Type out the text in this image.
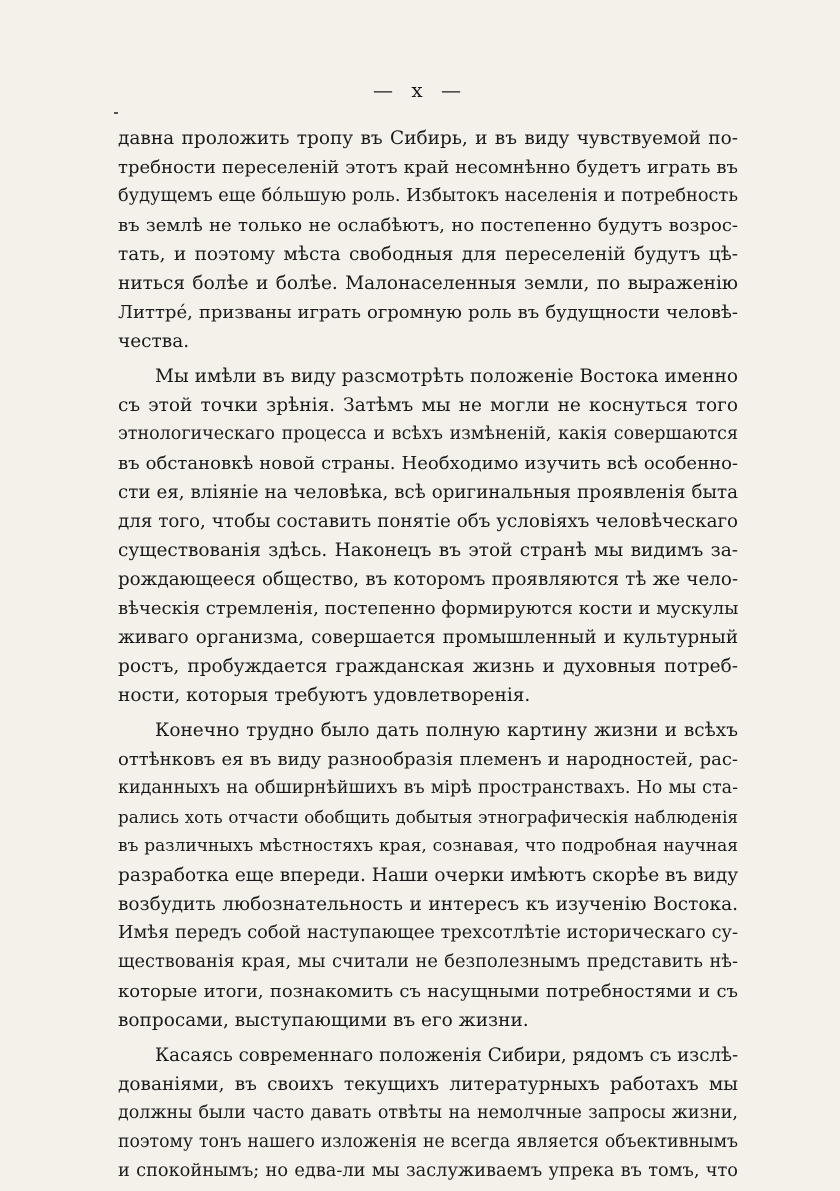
— x —
давна проложить тропу въ Сибирь, и въ виду чувствуемой по-
требности переселеній этотъ край несомнѣнно будетъ играть въ
будущемъ еще бо́льшую роль. Избытокъ населенія и потребность
въ землѣ не только не ослабѣютъ, но постепенно будутъ возрос-
тать, и поэтому мѣста свободныя для переселеній будутъ цѣ-
ниться болѣе и болѣе. Малонаселенныя земли, по выраженію
Литтре́, призваны играть огромную роль въ будущности человѣ-
чества.
Мы имѣли въ виду разсмотрѣть положеніе Востока именно
съ этой точки зрѣнія. Затѣмъ мы не могли не коснуться того
этнологическаго процесса и всѣхъ измѣненій, какія совершаются
въ обстановкѣ новой страны. Необходимо изучить всѣ особенно-
сти ея, вліяніе на человѣка, всѣ оригинальныя проявленія быта
для того, чтобы составить понятіе объ условіяхъ человѣческаго
существованія здѣсь. Наконецъ въ этой странѣ мы видимъ за-
рождающееся общество, въ которомъ проявляются тѣ же чело-
вѣческія стремленія, постепенно формируются кости и мускулы
живаго организма, совершается промышленный и культурный
ростъ, пробуждается гражданская жизнь и духовныя потреб-
ности, которыя требуютъ удовлетворенія.
Конечно трудно было дать полную картину жизни и всѣхъ
оттѣнковъ ея въ виду разнообразія племенъ и народностей, рас-
киданныхъ на обширнѣйшихъ въ мірѣ пространствахъ. Но мы ста-
рались хоть отчасти обобщить добытыя этнографическія наблюденія
въ различныхъ мѣстностяхъ края, сознавая, что подробная научная
разработка еще впереди. Наши очерки имѣютъ скорѣе въ виду
возбудить любознательность и интересъ къ изученію Востока.
Имѣя передъ собой наступающее трехсотлѣтіе историческаго су-
ществованія края, мы считали не безполезнымъ представить нѣ-
которые итоги, познакомить съ насущными потребностями и съ
вопросами, выступающими въ его жизни.
Касаясь современнаго положенія Сибири, рядомъ съ изслѣ-
дованіями, въ своихъ текущихъ литературныхъ работахъ мы
должны были часто давать отвѣты на немолчные запросы жизни,
поэтому тонъ нашего изложенія не всегда является объективнымъ
и спокойнымъ; но едва-ли мы заслуживаемъ упрека въ томъ, что
